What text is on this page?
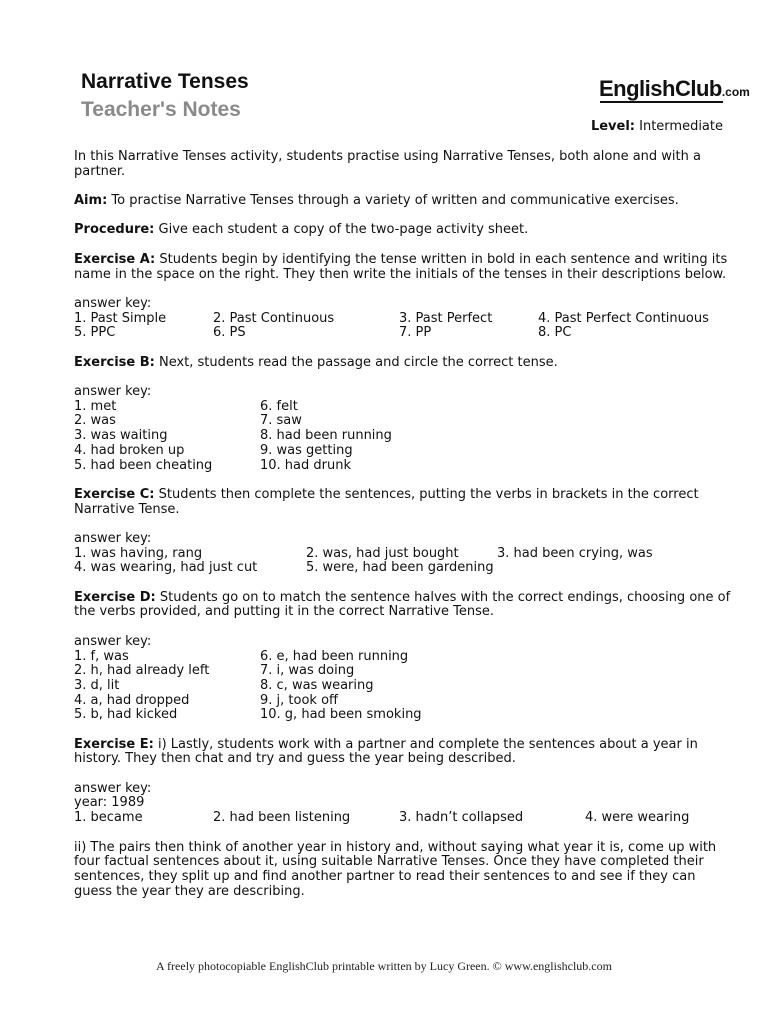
Narrative Tenses
Teacher's Notes
EnglishClub.com
Level: Intermediate

In this Narrative Tenses activity, students practise using Narrative Tenses, both alone and with a partner.

Aim: To practise Narrative Tenses through a variety of written and communicative exercises.

Procedure: Give each student a copy of the two-page activity sheet.

Exercise A: Students begin by identifying the tense written in bold in each sentence and writing its name in the space on the right. They then write the initials of the tenses in their descriptions below.

answer key:
1. Past Simple	2. Past Continuous	3. Past Perfect	4. Past Perfect Continuous
5. PPC	6. PS	7. PP	8. PC

Exercise B: Next, students read the passage and circle the correct tense.

answer key:
1. met	6. felt
2. was	7. saw
3. was waiting	8. had been running
4. had broken up	9. was getting
5. had been cheating	10. had drunk

Exercise C: Students then complete the sentences, putting the verbs in brackets in the correct Narrative Tense.

answer key:
1. was having, rang	2. was, had just bought	3. had been crying, was
4. was wearing, had just cut	5. were, had been gardening

Exercise D: Students go on to match the sentence halves with the correct endings, choosing one of the verbs provided, and putting it in the correct Narrative Tense.

answer key:
1. f, was	6. e, had been running
2. h, had already left	7. i, was doing
3. d, lit	8. c, was wearing
4. a, had dropped	9. j, took off
5. b, had kicked	10. g, had been smoking

Exercise E: i) Lastly, students work with a partner and complete the sentences about a year in history. They then chat and try and guess the year being described.

answer key:
year: 1989
1. became	2. had been listening	3. hadn’t collapsed	4. were wearing

ii) The pairs then think of another year in history and, without saying what year it is, come up with four factual sentences about it, using suitable Narrative Tenses. Once they have completed their sentences, they split up and find another partner to read their sentences to and see if they can guess the year they are describing.

A freely photocopiable EnglishClub printable written by Lucy Green. © www.englishclub.com
